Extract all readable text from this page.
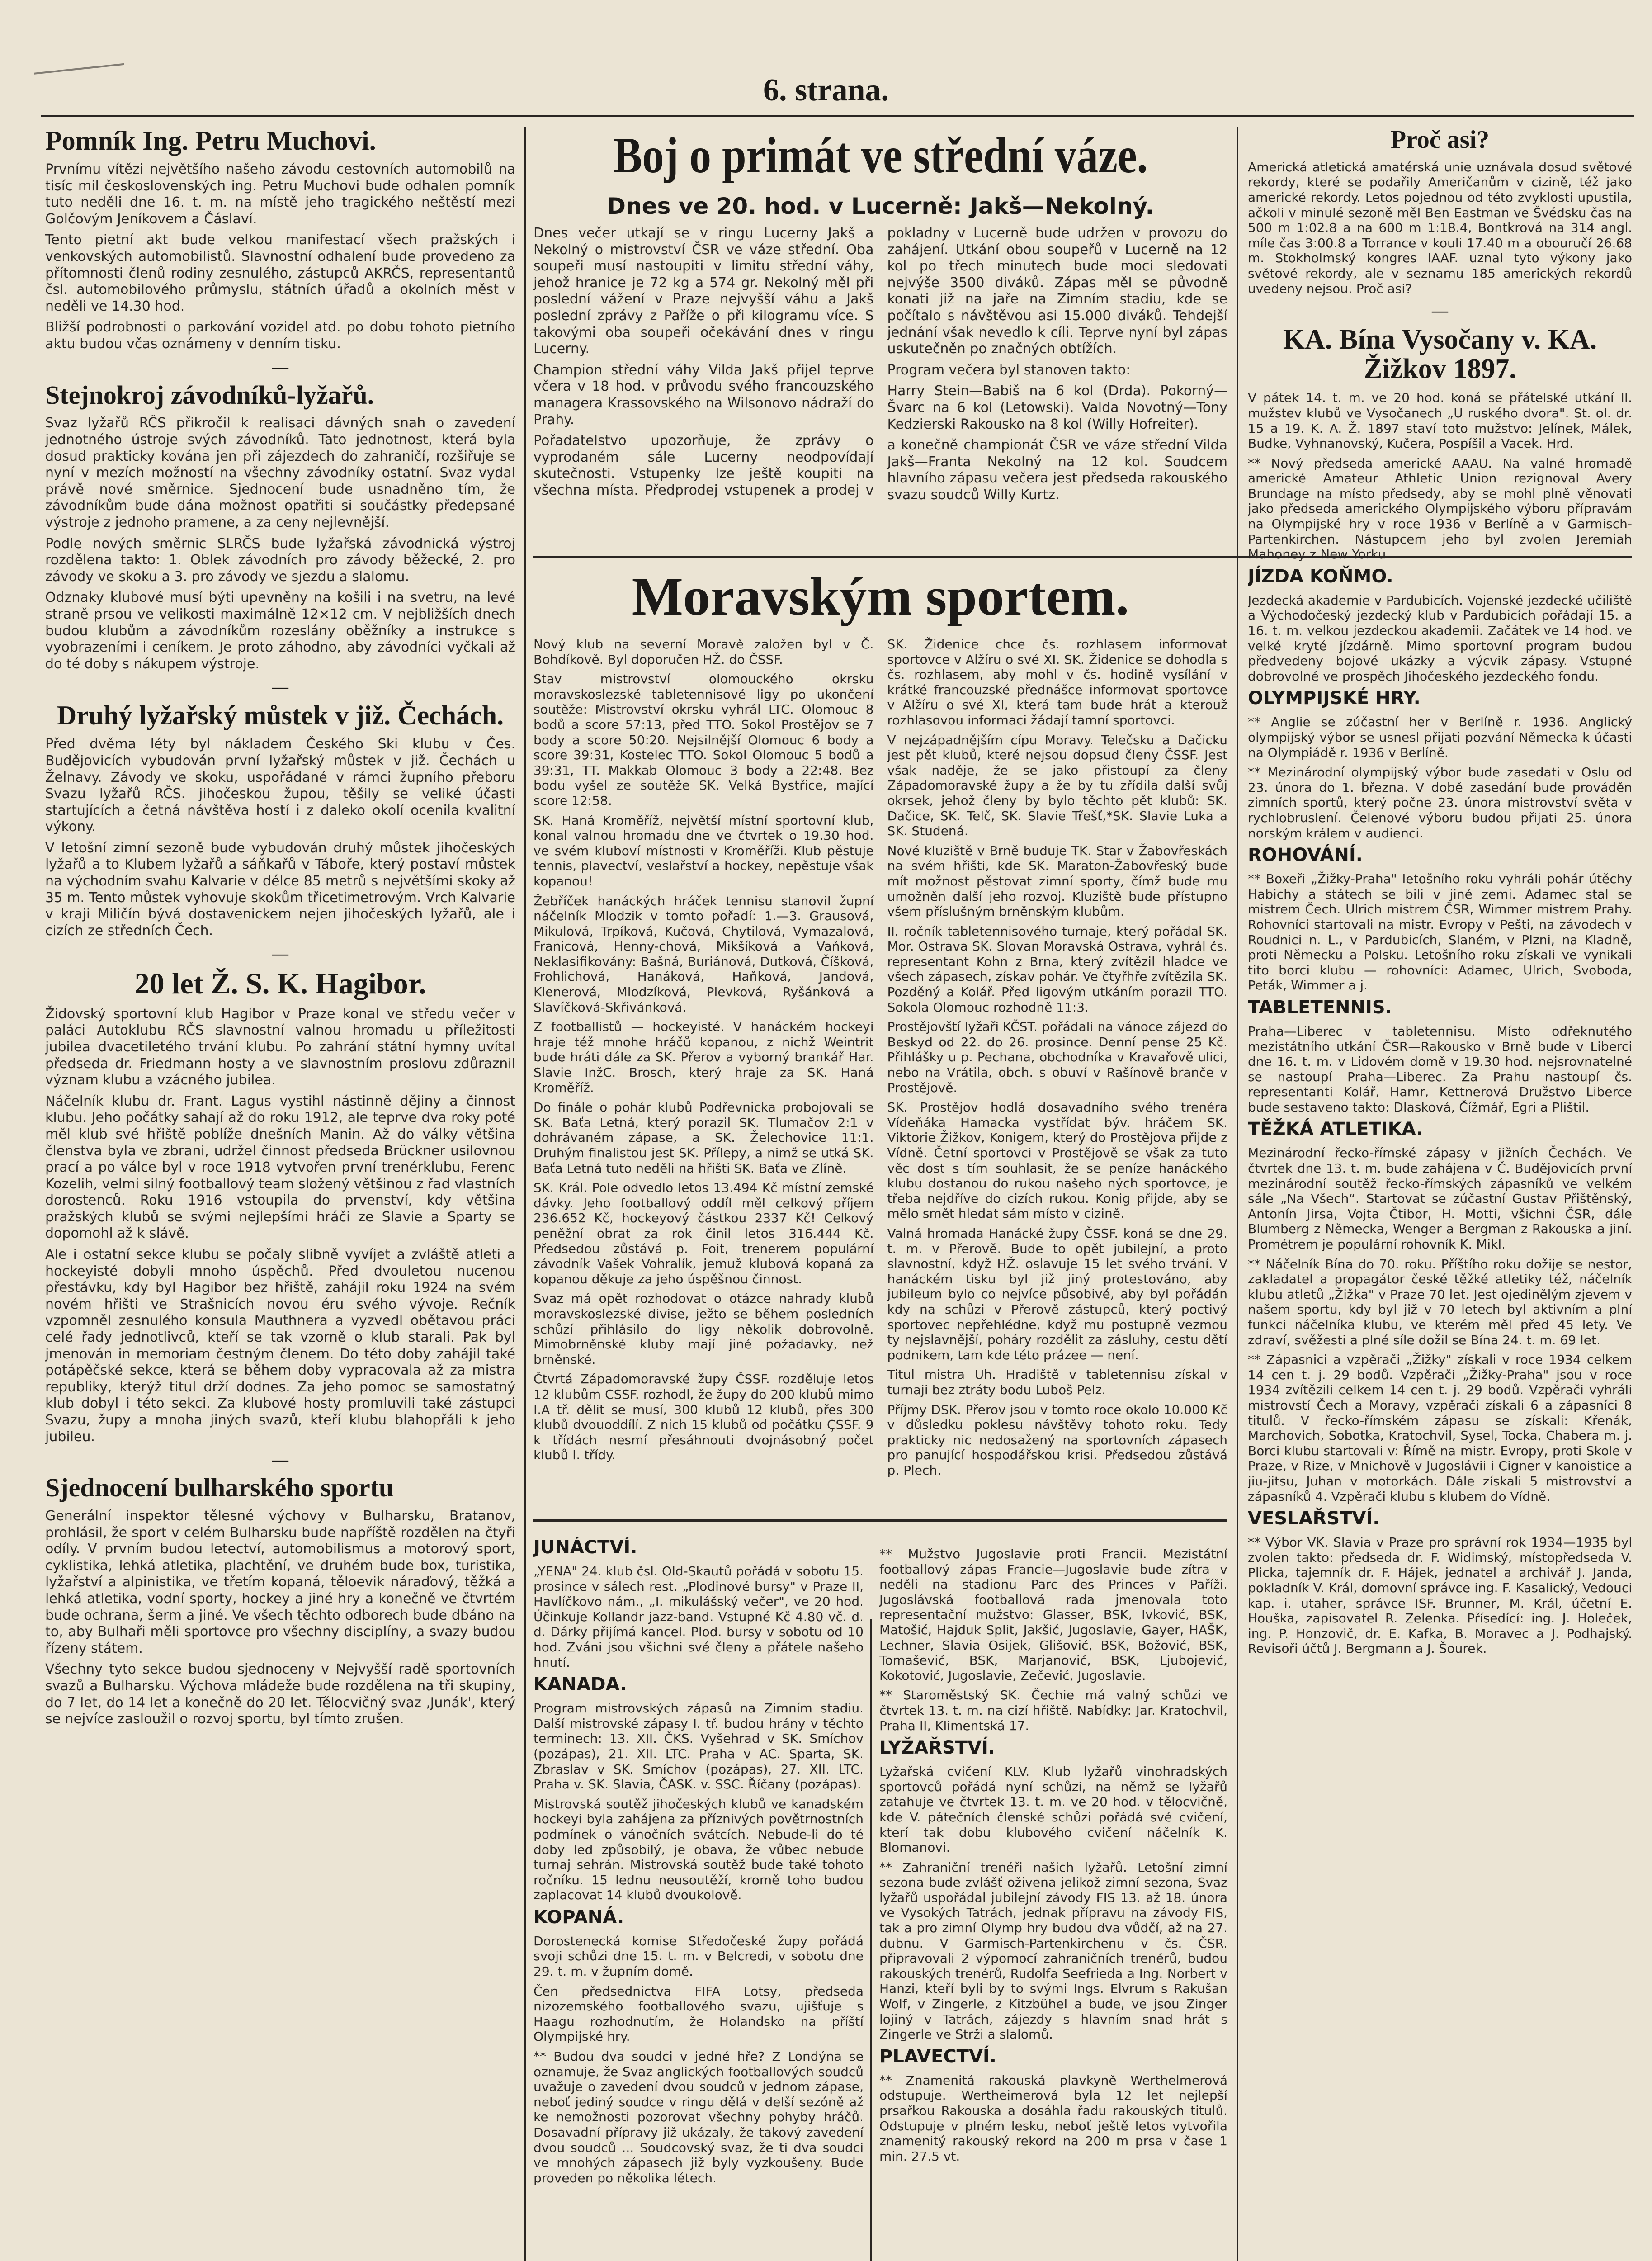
6. strana.
Pomník Ing. Petru Muchovi.

Prvnímu vítězi největšího našeho závodu cestovních automobilů na tisíc mil československých ing. Petru Muchovi bude odhalen pomník tuto neděli dne 16. t. m. na místě jeho tragického neštěstí mezi Golčovým Jeníkovem a Čáslaví.

Tento pietní akt bude velkou manifestací všech pražských i venkovských automobilistů. Slavnostní odhalení bude provedeno za přítomnosti členů rodiny zesnulého, zástupců AKRČS, representantů čsl. automobilového průmyslu, státních úřadů a okolních měst v neděli ve 14.30 hod.

Bližší podrobnosti o parkování vozidel atd. po dobu tohoto pietního aktu budou včas oznámeny v denním tisku.

—
Stejnokroj závodníků-lyžařů.

Svaz lyžařů RČS přikročil k realisaci dávných snah o zavedení jednotného ústroje svých závodníků. Tato jednotnost, která byla dosud prakticky kována jen při zájezdech do zahraničí, rozšiřuje se nyní v mezích možností na všechny závodníky ostatní. Svaz vydal právě nové směrnice. Sjednocení bude usnadněno tím, že závodníkům bude dána možnost opatřiti si součástky předepsané výstroje z jednoho pramene, a za ceny nejlevnější.

Podle nových směrnic SLRČS bude lyžařská závodnická výstroj rozdělena takto: 1. Oblek závodních pro závody běžecké, 2. pro závody ve skoku a 3. pro závody ve sjezdu a slalomu.

Odznaky klubové musí býti upevněny na košili i na svetru, na levé straně prsou ve velikosti maximálně 12×12 cm. V nejbližších dnech budou klubům a závodníkům rozeslány oběžníky a instrukce s vyobrazeními i ceníkem. Je proto záhodno, aby závodníci vyčkali až do té doby s nákupem výstroje.

—
Druhý lyžařský můstek v již. Čechách.

Před dvěma léty byl nákladem Českého Ski klubu v Čes. Budějovicích vybudován první lyžařský můstek v již. Čechách u Želnavy. Závody ve skoku, uspořádané v rámci župního přeboru Svazu lyžařů RČS. jihočeskou župou, těšily se veliké účasti startujících a četná návštěva hostí i z daleko okolí ocenila kvalitní výkony.

V letošní zimní sezoně bude vybudován druhý můstek jihočeských lyžařů a to Klubem lyžařů a sáňkařů v Táboře, který postaví můstek na východním svahu Kalvarie v délce 85 metrů s největšími skoky až 35 m. Tento můstek vyhovuje skokům třicetimetrovým. Vrch Kalvarie v kraji Miličín bývá dostavenickem nejen jihočeských lyžařů, ale i cizích ze středních Čech.

—
20 let Ž. S. K. Hagibor.

Židovský sportovní klub Hagibor v Praze konal ve středu večer v paláci Autoklubu RČS slavnostní valnou hromadu u příležitosti jubilea dvacetiletého trvání klubu. Po zahrání státní hymny uvítal předseda dr. Friedmann hosty a ve slavnostním proslovu zdůraznil význam klubu a vzácného jubilea.

Náčelník klubu dr. Frant. Lagus vystihl nástinně dějiny a činnost klubu. Jeho počátky sahají až do roku 1912, ale teprve dva roky poté měl klub své hřiště poblíže dnešních Manin. Až do války většina členstva byla ve zbrani, udržel činnost předseda Brückner usilovnou prací a po válce byl v roce 1918 vytvořen první trenérklubu, Ferenc Kozelih, velmi silný footballový team složený většinou z řad vlastních dorostenců. Roku 1916 vstoupila do prvenství, kdy většina pražských klubů se svými nejlepšími hráči ze Slavie a Sparty se dopomohl až k slávě.

Ale i ostatní sekce klubu se počaly slibně vyvíjet a zvláště atleti a hockeyisté dobyli mnoho úspěchů. Před dvouletou nucenou přestávku, kdy byl Hagibor bez hřiště, zahájil roku 1924 na svém novém hřišti ve Strašnicích novou éru svého vývoje. Rečník vzpomněl zesnulého konsula Mauthnera a vyzvedl obětavou práci celé řady jednotlivců, kteří se tak vzorně o klub starali. Pak byl jmenován in memoriam čestným členem. Do této doby zahájil také potápěčské sekce, která se během doby vypracovala až za mistra republiky, kterýž titul drží dodnes. Za jeho pomoc se samostatný klub dobyl i této sekci. Za klubové hosty promluvili také zástupci Svazu, župy a mnoha jiných svazů, kteří klubu blahopřáli k jeho jubileu.

—
Sjednocení bulharského sportu

Generální inspektor tělesné výchovy v Bulharsku, Bratanov, prohlásil, že sport v celém Bulharsku bude napříště rozdělen na čtyři odíly. V prvním budou letectví, automobilismus a motorový sport, cyklistika, lehká atletika, plachtění, ve druhém bude box, turistika, lyžařství a alpinistika, ve třetím kopaná, těloevik náraďový, těžká a lehká atletika, vodní sporty, hockey a jiné hry a konečně ve čtvrtém bude ochrana, šerm a jiné. Ve všech těchto odborech bude dbáno na to, aby Bulhaři měli sportovce pro všechny disciplíny, a svazy budou řízeny státem.

Všechny tyto sekce budou sjednoceny v Nejvyšší radě sportovních svazů a Bulharsku. Výchova mládeže bude rozdělena na tři skupiny, do 7 let, do 14 let a konečně do 20 let. Tělocvičný svaz ‚Junák', který se nejvíce zasloužil o rozvoj sportu, byl tímto zrušen.

Boj o primát ve střední váze.
Dnes ve 20. hod. v Lucerně: Jakš—Nekolný.

Dnes večer utkají se v ringu Lucerny Jakš a Nekolný o mistrovství ČSR ve váze střední. Oba soupeři musí nastoupiti v limitu střední váhy, jehož hranice je 72 kg a 574 gr. Nekolný měl při poslední vážení v Praze nejvyšší váhu a Jakš poslední zprávy z Paříže o při kilogramu více. S takovými oba soupeři očekávání dnes v ringu Lucerny.

Champion střední váhy Vilda Jakš přijel teprve včera v 18 hod. v průvodu svého francouzského managera Krassovského na Wilsonovo nádraží do Prahy.

Pořadatelstvo upozorňuje, že zprávy o vyprodaném sále Lucerny neodpovídají skutečnosti. Vstupenky lze ještě koupiti na všechna místa. Předprodej vstupenek a prodej v pokladny v Lucerně bude udržen v provozu do zahájení. Utkání obou soupeřů v Lucerně na 12 kol po třech minutech bude moci sledovati nejvýše 3500 diváků. Zápas měl se původně konati již na jaře na Zimním stadiu, kde se počítalo s návštěvou asi 15.000 diváků. Tehdejší jednání však nevedlo k cíli. Teprve nyní byl zápas uskutečněn po značných obtížích.

Program večera byl stanoven takto:

Harry Stein—Babiš na 6 kol (Drda). Pokorný—Švarc na 6 kol (Letowski). Valda Novotný—Tony Kedzierski Rakousko na 8 kol (Willy Hofreiter).

a konečně championát ČSR ve váze střední Vilda Jakš—Franta Nekolný na 12 kol. Soudcem hlavního zápasu večera jest předseda rakouského svazu soudců Willy Kurtz.

Moravským sportem.

Nový klub na severní Moravě založen byl v Č. Bohdíkově. Byl doporučen HŽ. do ČSSF.

Stav mistrovství olomouckého okrsku moravskoslezské tabletennisové ligy po ukončení soutěže: Mistrovství okrsku vyhrál LTC. Olomouc 8 bodů a score 57:13, před TTO. Sokol Prostějov se 7 body a score 50:20. Nejsilnější Olomouc 6 body a score 39:31, Kostelec TTO. Sokol Olomouc 5 bodů a 39:31, TT. Makkab Olomouc 3 body a 22:48. Bez bodu vyšel ze soutěže SK. Velká Bystřice, mající score 12:58.

SK. Haná Kroměříž, největší místní sportovní klub, konal valnou hromadu dne ve čtvrtek o 19.30 hod. ve svém kluboví místnosti v Kroměříži. Klub pěstuje tennis, plavectví, veslařství a hockey, nepěstuje však kopanou!

Žebříček hanáckých hráček tennisu stanovil župní náčelník Mlodzik v tomto pořadí: 1.—3. Grausová, Mikulová, Trpíková, Kučová, Chytilová, Vymazalová, Franicová, Henny-chová, Mikšíková a Vaňková, Neklasifikovány: Bašná, Buriánová, Dutková, Číšková, Frohlichová, Hanáková, Haňková, Jandová, Klenerová, Mlodzíková, Plevková, Ryšánková a Slavíčková-Skřivánková.

Z footballistů — hockeyisté. V hanáckém hockeyi hraje též mnohe hráčů kopanou, z nichž Weintrit bude hráti dále za SK. Přerov a vyborný brankář Har. Slavie InžC. Brosch, který hraje za SK. Haná Kroměříž.

Do finále o pohár klubů Podřevnicka probojovali se SK. Baťa Letná, který porazil SK. Tlumačov 2:1 v dohrávaném zápase, a SK. Želechovice 11:1. Druhým finalistou jest SK. Přílepy, a nimž se utká SK. Baťa Letná tuto neděli na hřišti SK. Baťa ve Zlíně.

SK. Král. Pole odvedlo letos 13.494 Kč místní zemské dávky. Jeho footballový oddíl měl celkový příjem 236.652 Kč, hockeyový částkou 2337 Kč! Celkový peněžní obrat za rok činil letos 316.444 Kč. Předsedou zůstává p. Foit, trenerem populární závodník Vašek Vohralík, jemuž klubová kopaná za kopanou děkuje za jeho úspěšnou činnost.

Svaz má opět rozhodovat o otázce nahrady klubů moravskoslezské divise, ježto se během posledních schůzí přihlásilo do ligy několik dobrovolně. Mimobrněnské kluby mají jiné požadavky, než brněnské.

Čtvrtá Západomoravské župy ČSSF. rozděluje letos 12 klubům CSSF. rozhodl, že župy do 200 klubů mimo I.A tř. dělit se musí, 300 klubů 12 klubů, přes 300 klubů dvouoddílí. Z nich 15 klubů od počátku ÇSSF. 9 k třídách nesmí přesáhnouti dvojnásobný počet klubů I. třídy.

SK. Židenice chce čs. rozhlasem informovat sportovce v Alžíru o své XI. SK. Židenice se dohodla s čs. rozhlasem, aby mohl v čs. hodině vysílání v krátké francouzské přednášce informovat sportovce v Alžíru o své XI, která tam bude hrát a kterouž rozhlasovou informaci žádají tamní sportovci.

V nejzápadnějším cípu Moravy. Telečsku a Dačicku jest pět klubů, které nejsou dopsud členy ČSSF. Jest však naděje, že se jako přistoupí za členy Západomoravské župy a že by tu zřídila další svůj okrsek, jehož členy by bylo těchto pět klubů: SK. Dačice, SK. Telč, SK. Slavie Třešť,*SK. Slavie Luka a SK. Studená.

Nové kluziště v Brně buduje TK. Star v Žabovřeskách na svém hřišti, kde SK. Maraton-Žabovřeský bude mít možnost pěstovat zimní sporty, čímž bude mu umožněn další jeho rozvoj. Kluziště bude přístupno všem příslušným brněnským klubům.

II. ročník tabletennisového turnaje, který pořádal SK. Mor. Ostrava SK. Slovan Moravská Ostrava, vyhrál čs. representant Kohn z Brna, který zvítězil hladce ve všech zápasech, získav pohár. Ve čtyřhře zvítězila SK. Pozděný a Kolář. Před ligovým utkáním porazil TTO. Sokola Olomouc rozhodně 11:3.

Prostějovští lyžaři KČST. pořádali na vánoce zájezd do Beskyd od 22. do 26. prosince. Denní pense 25 Kč. Přihlášky u p. Pechana, obchodníka v Kravařově ulici, nebo na Vrátila, obch. s obuví v Rašínově branče v Prostějově.

SK. Prostějov hodlá dosavadního svého trenéra Vídeňáka Hamacka vystřídat býv. hráčem SK. Viktorie Žižkov, Konigem, který do Prostějova přijde z Vídně. Četní sportovci v Prostějově se však za tuto věc dost s tím souhlasit, že se peníze hanáckého klubu dostanou do rukou našeho ných sportovce, je třeba nejdříve do cizích rukou. Konig přijde, aby se mělo smět hledat sám místo v cizině.

Valná hromada Hanácké župy ČSSF. koná se dne 29. t. m. v Přerově. Bude to opět jubilejní, a proto slavnostní, když HŽ. oslavuje 15 let svého trvání. V hanáckém tisku byl již jiný protestováno, aby jubileum bylo co nejvíce působivé, aby byl pořádán kdy na schůzi v Přerově zástupců, který poctivý sportovec nepřehlédne, když mu postupně vezmou ty nejslavnější, poháry rozdělit za zásluhy, cestu dětí podnikem, tam kde této prázee — není.

Titul mistra Uh. Hradiště v tabletennisu získal v turnaji bez ztráty bodu Luboš Pelz.

Příjmy DSK. Přerov jsou v tomto roce okolo 10.000 Kč v důsledku poklesu návštěvy tohoto roku. Tedy prakticky nic nedosažený na sportovních zápasech pro panující hospodářskou krisi. Předsedou zůstává p. Plech.

JUNÁCTVÍ.

„YENA" 24. klub čsl. Old-Skautů pořádá v sobotu 15. prosince v sálech rest. „Plodinové bursy" v Praze II, Havlíčkovo nám., „I. mikulášský večer", ve 20 hod. Účinkuje Kollandr jazz-band. Vstupné Kč 4.80 vč. d. d. Dárky přijímá kancel. Plod. bursy v sobotu od 10 hod. Zváni jsou všichni své členy a přátele našeho hnutí.

KANADA.

Program mistrovských zápasů na Zimním stadiu. Další mistrovské zápasy I. tř. budou hrány v těchto terminech: 13. XII. ČKS. Vyšehrad v SK. Smíchov (pozápas), 21. XII. LTC. Praha v AC. Sparta, SK. Zbraslav v SK. Smíchov (pozápas), 27. XII. LTC. Praha v. SK. Slavia, ČASK. v. SSC. Říčany (pozápas).

Mistrovská soutěž jihočeských klubů ve kanadském hockeyi byla zahájena za příznivých povětrnostních podmínek o vánočních svátcích. Nebude-li do té doby led způsobilý, je obava, že vůbec nebude turnaj sehrán. Mistrovská soutěž bude také tohoto ročníku. 15 lednu neusoutěží, kromě toho budou zaplacovat 14 klubů dvoukolově.

KOPANÁ.

Dorostenecká komise Středočeské župy pořádá svoji schůzi dne 15. t. m. v Belcredi, v sobotu dne 29. t. m. v župním domě.

Čen předsednictva FIFA Lotsy, předseda nizozemského footballového svazu, ujišťuje s Haagu rozhodnutím, že Holandsko na příští Olympijské hry.

** Budou dva soudci v jedné hře? Z Londýna se oznamuje, že Svaz anglických footballových soudců uvažuje o zavedení dvou soudců v jednom zápase, neboť jediný soudce v ringu dělá v delší sezóně až ke nemožnosti pozorovat všechny pohyby hráčů. Dosavadní přípravy již ukázaly, že takový zavedení dvou soudců ... Soudcovský svaz, že ti dva soudci ve mnohých zápasech již byly vyzkoušeny. Bude proveden po několika létech.

** Mužstvo Jugoslavie proti Francii. Mezistátní footballový zápas Francie—Jugoslavie bude zítra v neděli na stadionu Parc des Princes v Paříži. Jugoslávská footballová rada jmenovala toto representační mužstvo: Glasser, BSK, Ivković, BSK, Matošić, Hajduk Split, Jakšić, Jugoslavie, Gayer, HAŠK, Lechner, Slavia Osijek, Glišović, BSK, Božović, BSK, Tomašević, BSK, Marjanović, BSK, Ljubojević, Kokotović, Jugoslavie, Zečević, Jugoslavie.

** Staroměstský SK. Čechie má valný schůzi ve čtvrtek 13. t. m. na cizí hřiště. Nabídky: Jar. Kratochvil, Praha II, Klimentská 17.

LYŽAŘSTVÍ.

Lyžařská cvičení KLV. Klub lyžařů vinohradských sportovců pořádá nyní schůzi, na němž se lyžařů zatahuje ve čtvrtek 13. t. m. ve 20 hod. v tělocvičně, kde V. pátečních členské schůzi pořádá své cvičení, kterí tak dobu klubového cvičení náčelník K. Blomanovi.

** Zahraniční trenéři našich lyžařů. Letošní zimní sezona bude zvlášť oživena jelikož zimní sezona, Svaz lyžařů uspořádal jubilejní závody FIS 13. až 18. února ve Vysokých Tatrách, jednak přípravu na závody FIS, tak a pro zimní Olymp hry budou dva vůdčí, až na 27. dubnu. V Garmisch-Partenkirchenu v čs. ČSR. připravovali 2 výpomocí zahraničních trenérů, budou rakouských trenérů, Rudolfa Seefrieda a Ing. Norbert v Hanzi, kteří byli by to svými Ings. Elvrum s Rakušan Wolf, v Zingerle, z Kitzbühel a bude, ve jsou Zinger lojiný v Tatrách, zájezdy s hlavním snad hrát s Zingerle ve Strži a slalomů.

PLAVECTVÍ.

** Znamenitá rakouská plavkyně Werthelmerová odstupuje. Wertheimerová byla 12 let nejlepší prsařkou Rakouska a dosáhla řadu rakouských titulů. Odstupuje v plném lesku, neboť ještě letos vytvořila znamenitý rakouský rekord na 200 m prsa v čase 1 min. 27.5 vt.

Proč asi?

Americká atletická amatérská unie uznávala dosud světové rekordy, které se podařily Američanům v cizině, též jako americké rekordy. Letos pojednou od této zvyklosti upustila, ačkoli v minulé sezoně měl Ben Eastman ve Švédsku čas na 500 m 1:02.8 a na 600 m 1:18.4, Bontkrová na 314 angl. míle čas 3:00.8 a Torrance v kouli 17.40 m a obouručí 26.68 m. Stokholmský kongres IAAF. uznal tyto výkony jako světové rekordy, ale v seznamu 185 amerických rekordů uvedeny nejsou. Proč asi?

—
KA. Bína Vysočany v. KA. Žižkov 1897.

V pátek 14. t. m. ve 20 hod. koná se přátelské utkání II. mužstev klubů ve Vysočanech „U ruského dvora". St. ol. dr. 15 a 19. K. A. Ž. 1897 staví toto mužstvo: Jelínek, Málek, Budke, Vyhnanovský, Kučera, Pospíšil a Vacek. Hrd.

** Nový předseda americké AAAU. Na valné hromadě americké Amateur Athletic Union rezignoval Avery Brundage na místo předsedy, aby se mohl plně věnovati jako předseda amerického Olympijského výboru přípravám na Olympijské hry v roce 1936 v Berlíně a v Garmisch-Partenkirchen. Nástupcem jeho byl zvolen Jeremiah Mahoney z New Yorku.

JÍZDA KOŇMO.

Jezdecká akademie v Pardubicích. Vojenské jezdecké učiliště a Východočeský jezdecký klub v Pardubicích pořádají 15. a 16. t. m. velkou jezdeckou akademii. Začátek ve 14 hod. ve velké kryté jízdárně. Mimo sportovní program budou předvedeny bojové ukázky a výcvik zápasy. Vstupné dobrovolné ve prospěch Jihočeského jezdeckého fondu.

OLYMPIJSKÉ HRY.

** Anglie se zúčastní her v Berlíně r. 1936. Anglický olympijský výbor se usnesl přijati pozvání Německa k účasti na Olympiádě r. 1936 v Berlíně.

** Mezinárodní olympijský výbor bude zasedati v Oslu od 23. února do 1. března. V době zasedání bude prováděn zimních sportů, který počne 23. února mistrovství světa v rychlobruslení. Čelenové výboru budou přijati 25. února norským králem v audienci.

ROHOVÁNÍ.

** Boxeři „Žižky-Praha" letošního roku vyhráli pohár útěchy Habichy a státech se bili v jiné zemi. Adamec stal se mistrem Čech. Ulrich mistrem ČSR, Wimmer mistrem Prahy. Rohovníci startovali na mistr. Evropy v Pešti, na závodech v Roudnici n. L., v Pardubicích, Slaném, v Plzni, na Kladně, proti Německu a Polsku. Letošního roku získali ve vynikali tito borci klubu — rohovníci: Adamec, Ulrich, Svoboda, Peták, Wimmer a j.

TABLETENNIS.

Praha—Liberec v tabletennisu. Místo odřeknutého mezistátního utkání ČSR—Rakousko v Brně bude v Liberci dne 16. t. m. v Lidovém domě v 19.30 hod. nejsrovnatelné se nastoupí Praha—Liberec. Za Prahu nastoupí čs. representanti Kolář, Hamr, Kettnerová Družstvo Liberce bude sestaveno takto: Dlasková, Čížmář, Egri a Plištil.

TĚŽKÁ ATLETIKA.

Mezinárodní řecko-římské zápasy v jižních Čechách. Ve čtvrtek dne 13. t. m. bude zahájena v Č. Budějovicích první mezinárodní soutěž řecko-římských zápasníků ve velkém sále „Na Všech“. Startovat se zúčastní Gustav Přištěnský, Antonín Jirsa, Vojta Čtibor, H. Motti, všichni ČSR, dále Blumberg z Německa, Wenger a Bergman z Rakouska a jiní. Prométrem je populární rohovník K. Mikl.

** Náčelník Bína do 70. roku. Příštího roku dožije se nestor, zakladatel a propagátor české těžké atletiky též, náčelník klubu atletů „Žižka" v Praze 70 let. Jest ojedinělým zjevem v našem sportu, kdy byl již v 70 letech byl aktivním a plní funkci náčelníka klubu, ve kterém měl před 45 lety. Ve zdraví, svěžesti a plné síle dožil se Bína 24. t. m. 69 let.

** Zápasnici a vzpěrači „Žižky" získali v roce 1934 celkem 14 cen t. j. 29 bodů. Vzpěrači „Žižky-Praha" jsou v roce 1934 zvítězili celkem 14 cen t. j. 29 bodů. Vzpěrači vyhráli mistrovstí Čech a Moravy, vzpěrači získali 6 a zápasníci 8 titulů. V řecko-římském zápasu se získali: Křenák, Marchovich, Sobotka, Kratochvil, Sysel, Tocka, Chabera m. j. Borci klubu startovali v: Římě na mistr. Evropy, proti Skole v Praze, v Rize, v Mnichově v Jugoslávii i Cigner v kanoistice a jiu-jitsu, Juhan v motorkách. Dále získali 5 mistrovství a zápasníků 4. Vzpěrači klubu s klubem do Vídně.

VESLAŘSTVÍ.

** Výbor VK. Slavia v Praze pro správní rok 1934—1935 byl zvolen takto: předseda dr. F. Widimský, místopředseda V. Plicka, tajemník dr. F. Hájek, jednatel a archivář J. Janda, pokladník V. Král, domovní správce ing. F. Kasalický, Vedouci kap. i. utaher, správce ISF. Brunner, M. Král, účetní E. Houška, zapisovatel R. Zelenka. Přísedící: ing. J. Holeček, ing. P. Honzovič, dr. E. Kafka, B. Moravec a J. Podhajský. Revisoři účtů J. Bergmann a J. Šourek.
